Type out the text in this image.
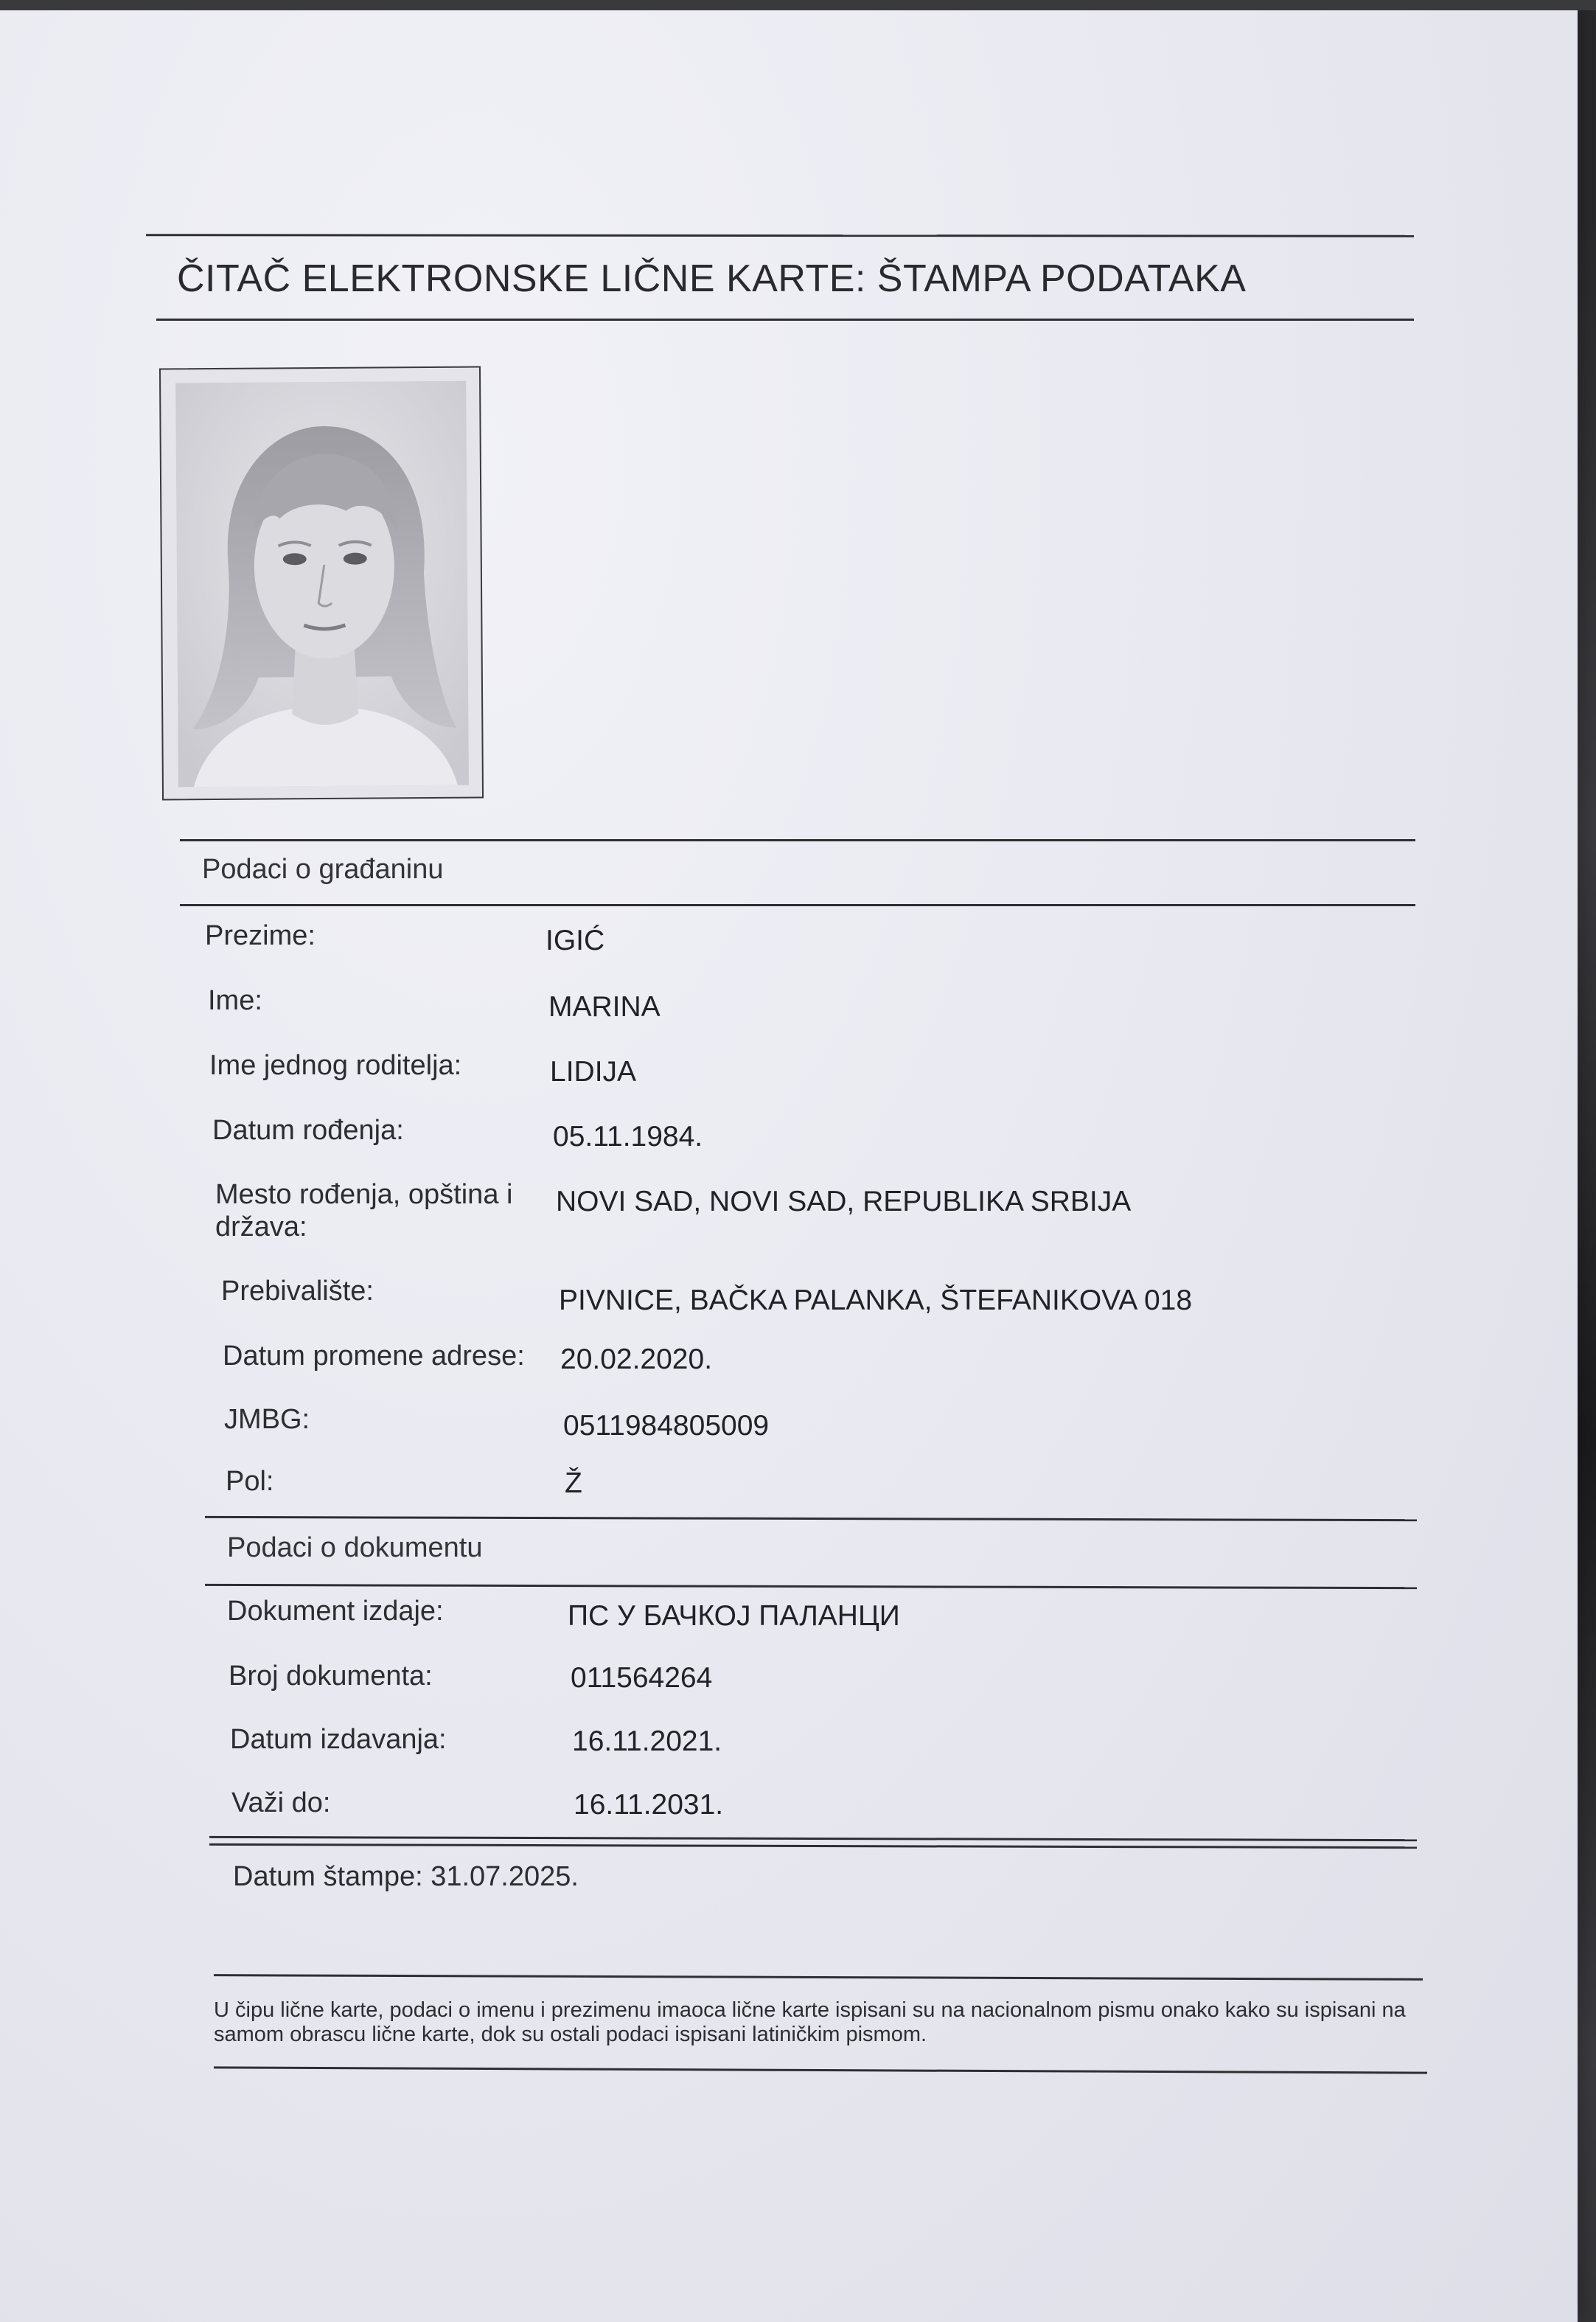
ČITAČ ELEKTRONSKE LIČNE KARTE: ŠTAMPA PODATAKA
Podaci o građaninu
Prezime:	IGIĆ
Ime:	MARINA
Ime jednog roditelja:	LIDIJA
Datum rođenja:	05.11.1984.
Mesto rođenja, opština i država:
NOVI SAD, NOVI SAD, REPUBLIKA SRBIJA
Prebivalište:	PIVNICE, BAČKA PALANKA, ŠTEFANIKOVA 018
Datum promene adrese: 20.02.2020.
JMBG:	0511984805009
Pol:	Ž
Podaci o dokumentu
Dokument izdaje:	ПС У БАЧКОЈ ПАЛАНЦИ
Broj dokumenta:	011564264
Datum izdavanja:	16.11.2021.
Važi do:	16.11.2031.
Datum štampe: 31.07.2025.
U čipu lične karte, podaci o imenu i prezimenu imaoca lične karte ispisani su na nacionalnom pismu onako kako su ispisani na samom obrascu lične karte, dok su ostali podaci ispisani latiničkim pismom.
